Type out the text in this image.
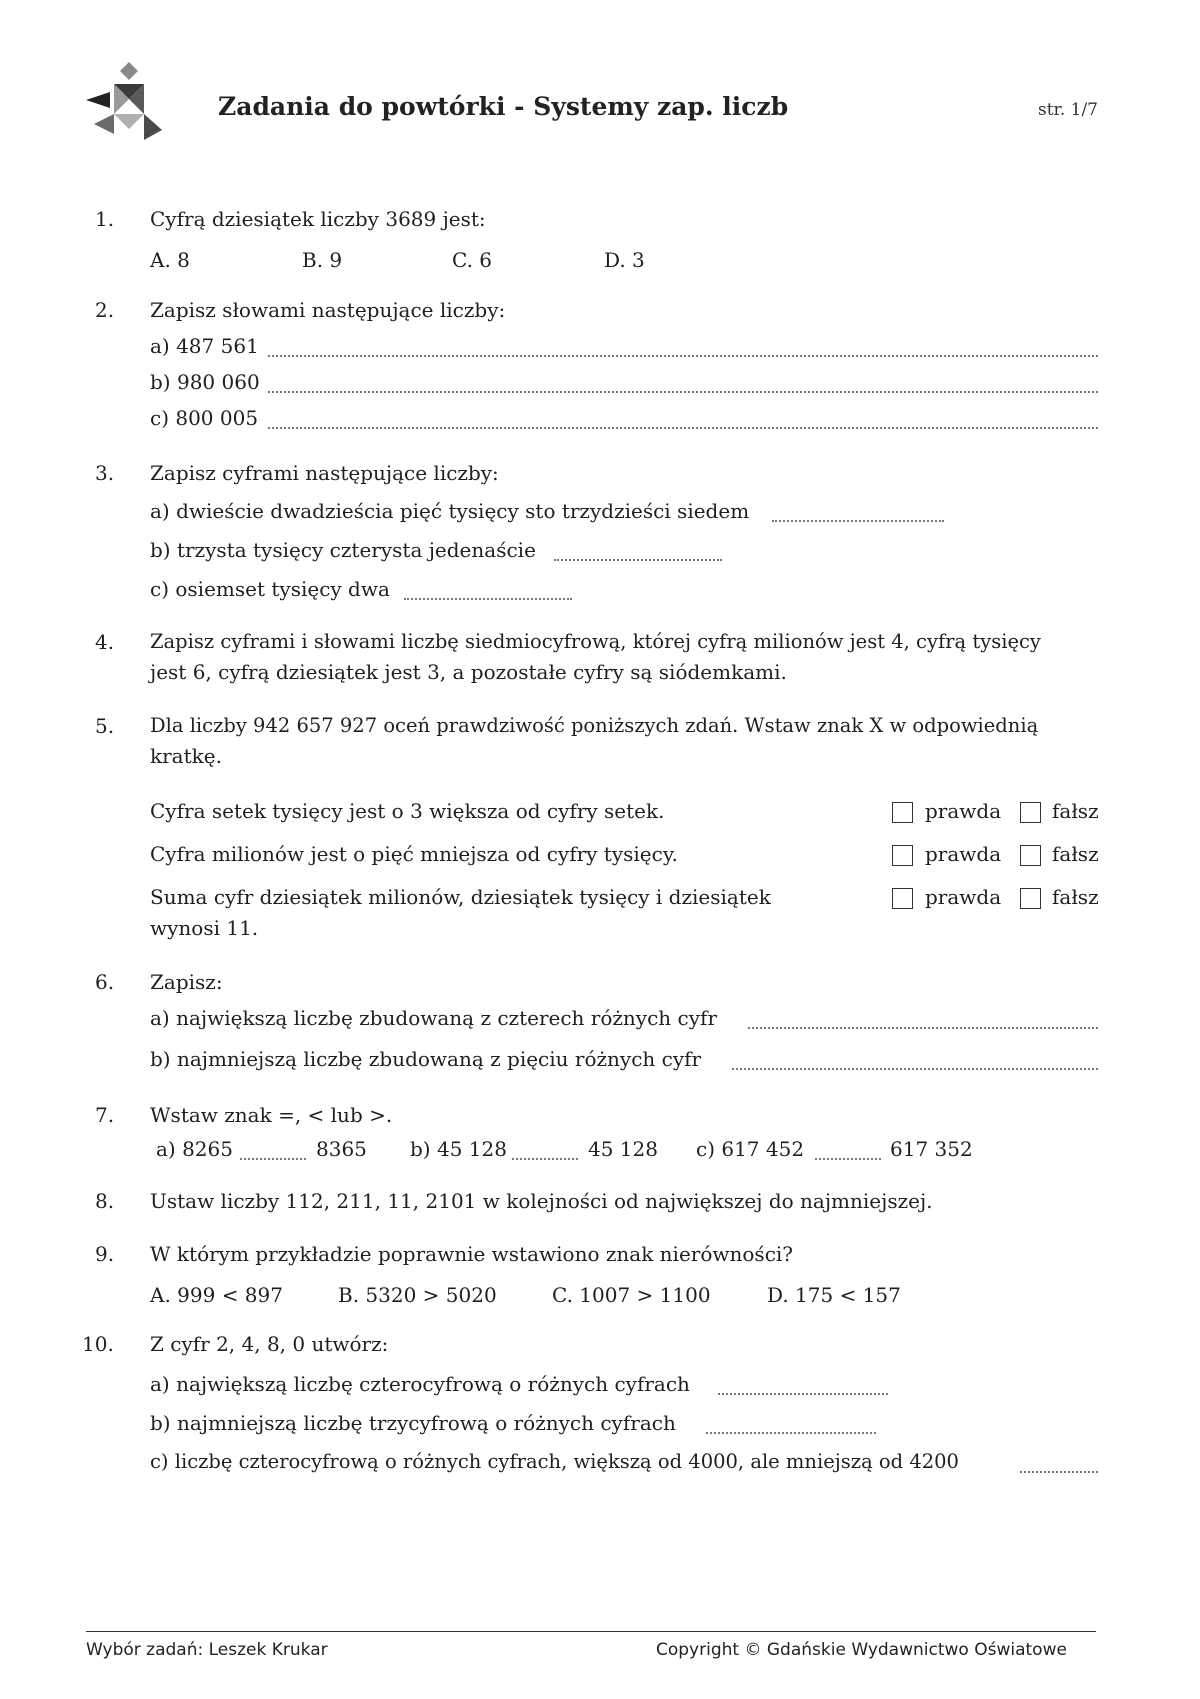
Zadania do powtórki - Systemy zap. liczb	str. 1/7
1. Cyfrą dziesiątek liczby 3689 jest:
A. 8	B. 9	C. 6	D. 3
2. Zapisz słowami następujące liczby:
a) 487 561
b) 980 060
c) 800 005
3. Zapisz cyframi następujące liczby:
a) dwieście dwadzieścia pięć tysięcy sto trzydzieści siedem
b) trzysta tysięcy czterysta jedenaście
c) osiemset tysięcy dwa
4. Zapisz cyframi i słowami liczbę siedmiocyfrową, której cyfrą milionów jest 4, cyfrą tysięcy
jest 6, cyfrą dziesiątek jest 3, a pozostałe cyfry są siódemkami.
5. Dla liczby 942 657 927 oceń prawdziwość poniższych zdań. Wstaw znak X w odpowiednią
kratkę.
Cyfra setek tysięcy jest o 3 większa od cyfry setek.	prawda	fałsz
Cyfra milionów jest o pięć mniejsza od cyfry tysięcy.	prawda	fałsz
Suma cyfr dziesiątek milionów, dziesiątek tysięcy i dziesiątek
wynosi 11.
prawda	fałsz
6. Zapisz:
a) największą liczbę zbudowaną z czterech różnych cyfr
b) najmniejszą liczbę zbudowaną z pięciu różnych cyfr
7. Wstaw znak =, < lub >.
a) 8265	8365 b) 45 128	45 128 c) 617 452	617 352
8. Ustaw liczby 112, 211, 11, 2101 w kolejności od największej do najmniejszej.
9. W którym przykładzie poprawnie wstawiono znak nierówności?
A. 999 < 897	B. 5320 > 5020	C. 1007 > 1100	D. 175 < 157
10. Z cyfr 2, 4, 8, 0 utwórz:
a) największą liczbę czterocyfrową o różnych cyfrach
b) najmniejszą liczbę trzycyfrową o różnych cyfrach
c) liczbę czterocyfrową o różnych cyfrach, większą od 4000, ale mniejszą od 4200
Wybór zadań: Leszek Krukar	Copyright © Gdańskie Wydawnictwo Oświatowe
